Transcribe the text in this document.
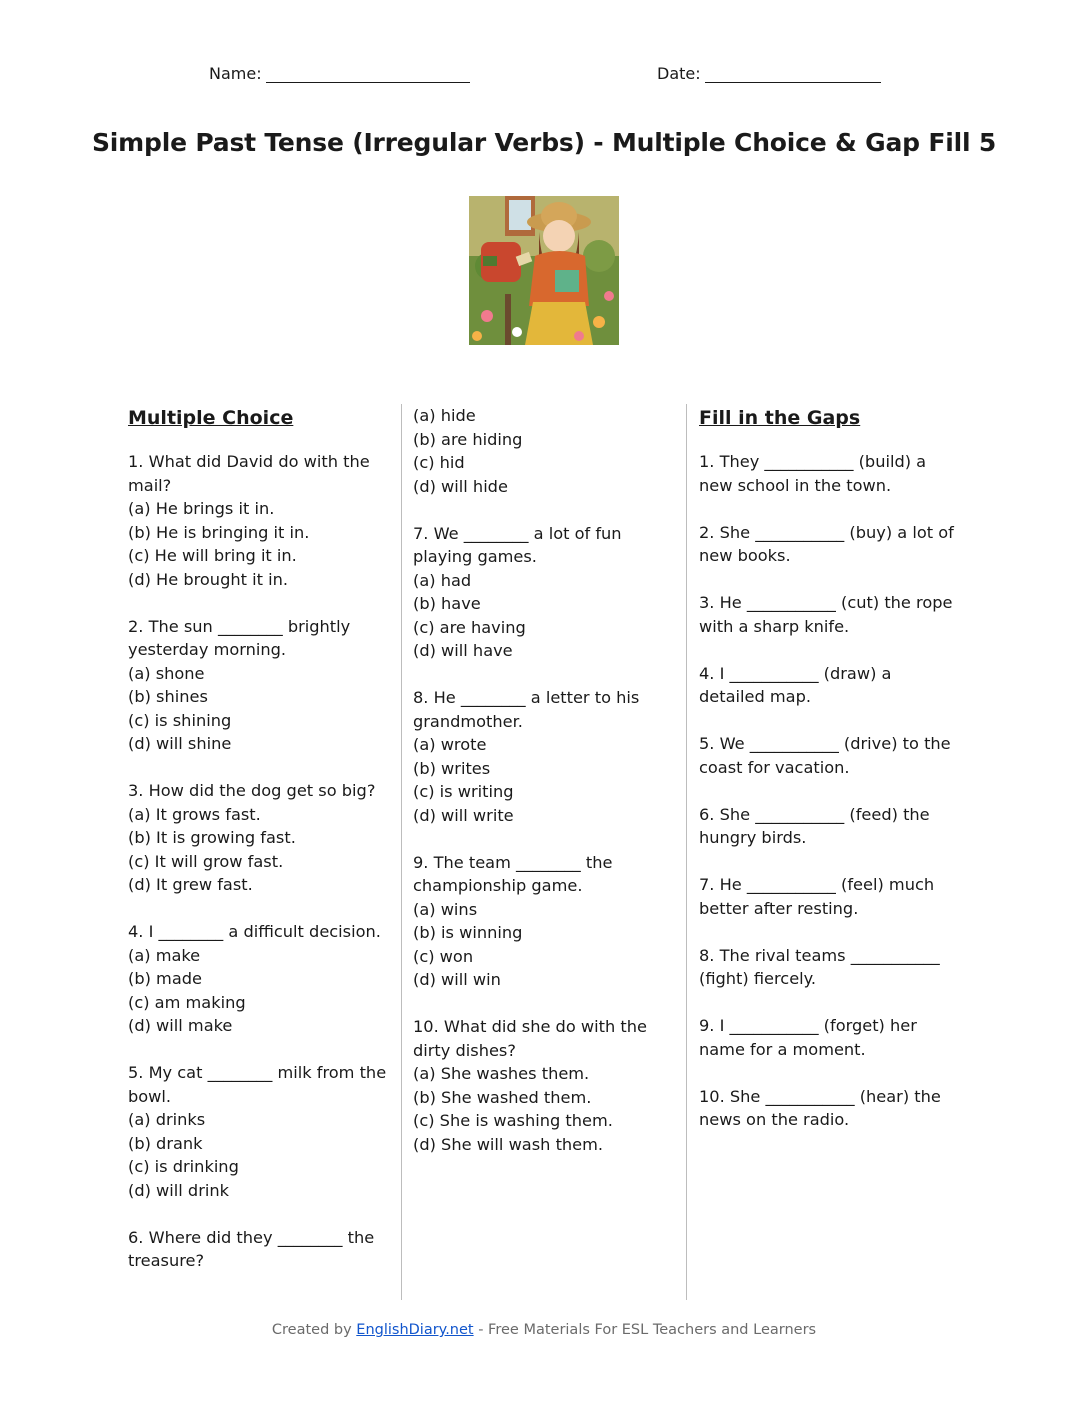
Name:	Date:
Simple Past Tense (Irregular Verbs) - Multiple Choice & Gap Fill 5
Multiple Choice
1. What did David do with the mail?
(a) He brings it in.
(b) He is bringing it in.
(c) He will bring it in.
(d) He brought it in.
2. The sun ________ brightly yesterday morning.
(a) shone
(b) shines
(c) is shining
(d) will shine
3. How did the dog get so big?
(a) It grows fast.
(b) It is growing fast.
(c) It will grow fast.
(d) It grew fast.
4. I ________ a difficult decision.
(a) make
(b) made
(c) am making
(d) will make
5. My cat ________ milk from the bowl.
(a) drinks
(b) drank
(c) is drinking
(d) will drink
6. Where did they ________ the treasure?
(a) hide
(b) are hiding
(c) hid
(d) will hide
7. We ________ a lot of fun playing games.
(a) had
(b) have
(c) are having
(d) will have
8. He ________ a letter to his grandmother.
(a) wrote
(b) writes
(c) is writing
(d) will write
9. The team ________ the championship game.
(a) wins
(b) is winning
(c) won
(d) will win
10. What did she do with the dirty dishes?
(a) She washes them.
(b) She washed them.
(c) She is washing them.
(d) She will wash them.
Fill in the Gaps
1. They ___________ (build) a new school in the town.
2. She ___________ (buy) a lot of new books.
3. He ___________ (cut) the rope with a sharp knife.
4. I ___________ (draw) a detailed map.
5. We ___________ (drive) to the coast for vacation.
6. She ___________ (feed) the hungry birds.
7. He ___________ (feel) much better after resting.
8. The rival teams ___________ (fight) fiercely.
9. I ___________ (forget) her name for a moment.
10. She ___________ (hear) the news on the radio.
Created by EnglishDiary.net - Free Materials For ESL Teachers and Learners
